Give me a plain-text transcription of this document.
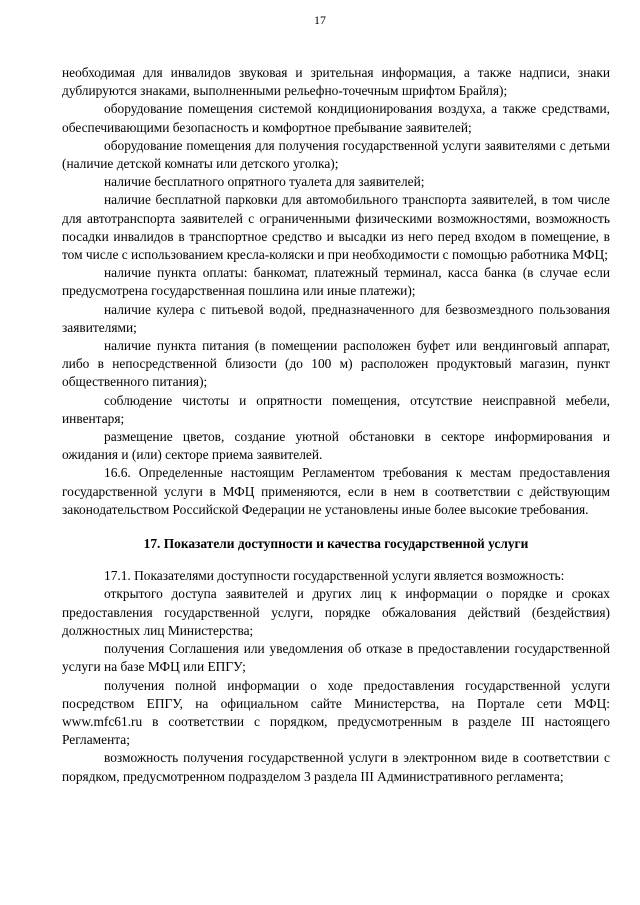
17

необходимая для инвалидов звуковая и зрительная информация, а также надписи, знаки дублируются знаками, выполненными рельефно-точечным шрифтом Брайля);

оборудование помещения системой кондиционирования воздуха, а также средствами, обеспечивающими безопасность и комфортное пребывание заявителей;

оборудование помещения для получения государственной услуги заявителями с детьми (наличие детской комнаты или детского уголка);

наличие бесплатного опрятного туалета для заявителей;

наличие бесплатной парковки для автомобильного транспорта заявителей, в том числе для автотранспорта заявителей с ограниченными физическими возможностями, возможность посадки инвалидов в транспортное средство и высадки из него перед входом в помещение, в том числе с использованием кресла-коляски и при необходимости с помощью работника МФЦ;

наличие пункта оплаты: банкомат, платежный терминал, касса банка (в случае если предусмотрена государственная пошлина или иные платежи);

наличие кулера с питьевой водой, предназначенного для безвозмездного пользования заявителями;

наличие пункта питания (в помещении расположен буфет или вендинговый аппарат, либо в непосредственной близости (до 100 м) расположен продуктовый магазин, пункт общественного питания);

соблюдение чистоты и опрятности помещения, отсутствие неисправной мебели, инвентаря;

размещение цветов, создание уютной обстановки в секторе информирования и ожидания и (или) секторе приема заявителей.

16.6. Определенные настоящим Регламентом требования к местам предоставления государственной услуги в МФЦ применяются, если в нем в соответствии с действующим законодательством Российской Федерации не установлены иные более высокие требования.

17. Показатели доступности и качества государственной услуги

17.1. Показателями доступности государственной услуги является возможность:

открытого доступа заявителей и других лиц к информации о порядке и сроках предоставления государственной услуги, порядке обжалования действий (бездействия) должностных лиц Министерства;

получения Соглашения или уведомления об отказе в предоставлении государственной услуги на базе МФЦ или ЕПГУ;

получения полной информации о ходе предоставления государственной услуги посредством ЕПГУ, на официальном сайте Министерства, на Портале сети МФЦ: www.mfc61.ru в соответствии с порядком, предусмотренным в разделе III настоящего Регламента;

возможность получения государственной услуги в электронном виде в соответствии с порядком, предусмотренном подразделом 3 раздела III Административного регламента;
